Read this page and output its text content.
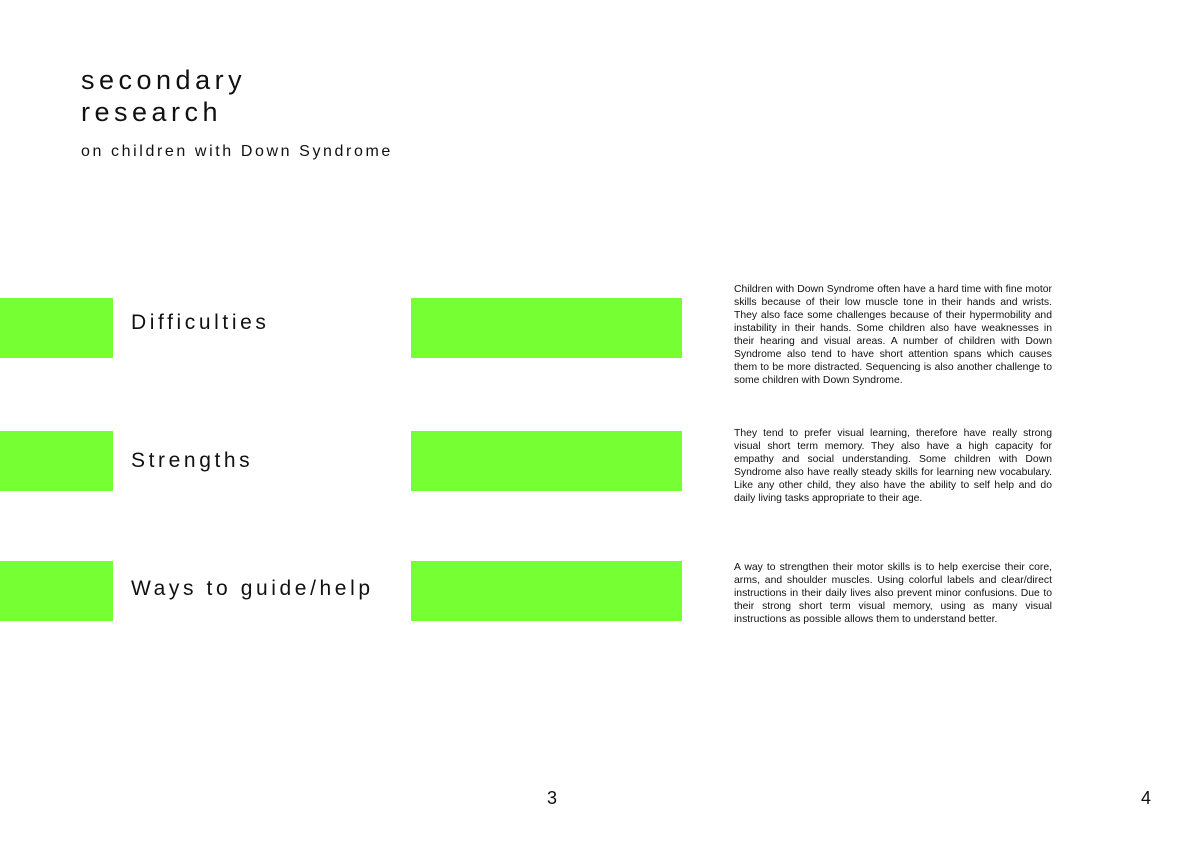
secondary
research

on children with Down Syndrome

Difficulties

Children with Down Syndrome often have a hard time with fine motor skills because of their low muscle tone in their hands and wrists. They also face some challenges because of their hypermobility and instability in their hands. Some children also have weaknesses in their hearing and visual areas. A number of children with Down Syndrome also tend to have short attention spans which causes them to be more distracted. Sequencing is also another challenge to some children with Down Syndrome.

Strengths

They tend to prefer visual learning, therefore have really strong visual short term memory. They also have a high capacity for empathy and social understanding. Some children with Down Syndrome also have really steady skills for learning new vocabulary. Like any other child, they also have the ability to self help and do daily living tasks appropriate to their age.

Ways to guide/help

A way to strengthen their motor skills is to help exercise their core, arms, and shoulder muscles. Using colorful labels and clear/direct instructions in their daily lives also prevent minor confusions. Due to their strong short term visual memory, using as many visual instructions as possible allows them to understand better.

3	4
